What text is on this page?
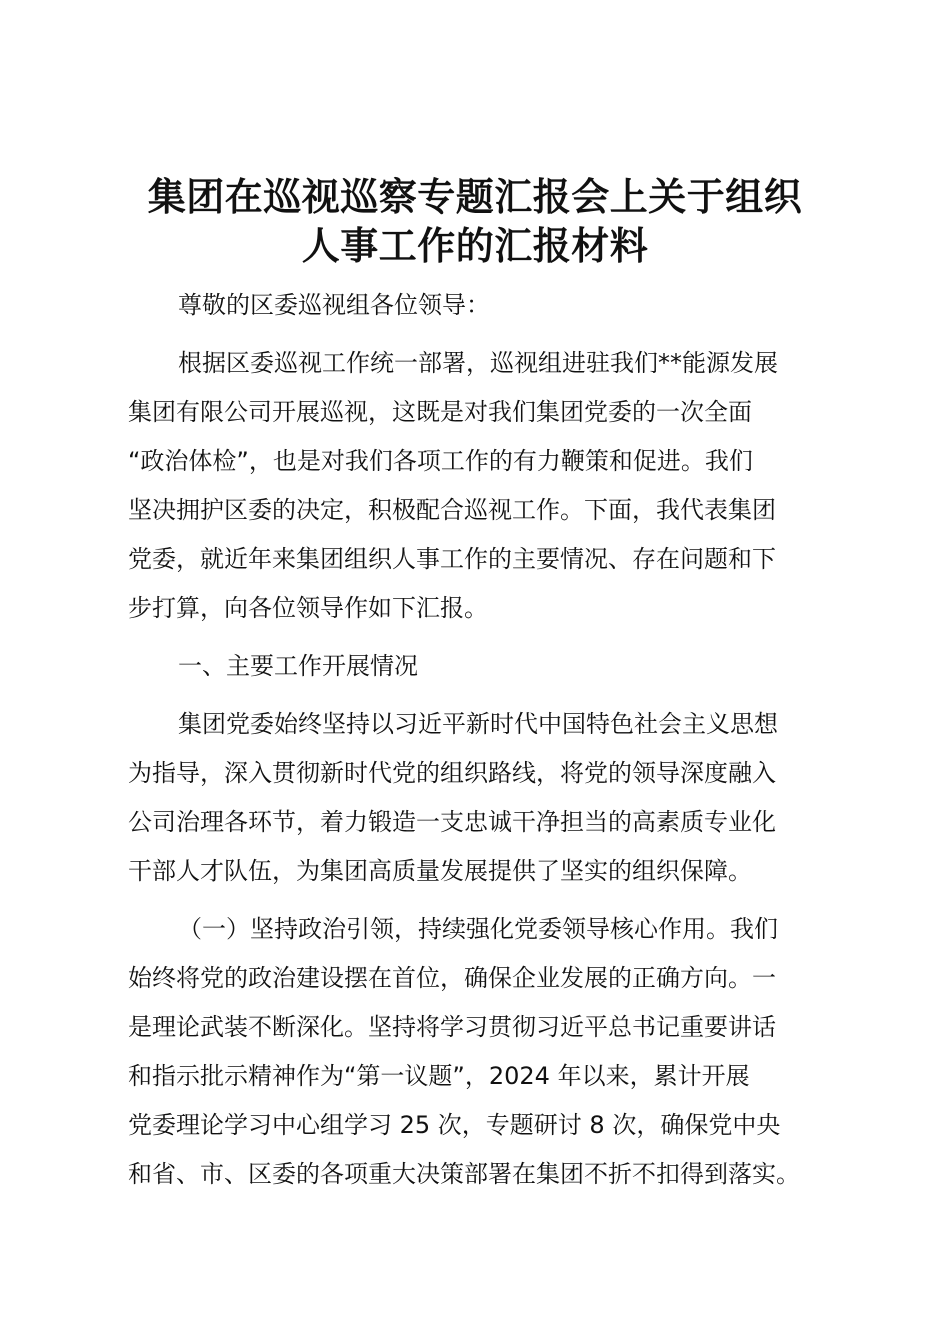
集团在巡视巡察专题汇报会上关于组织
人事工作的汇报材料
尊敬的区委巡视组各位领导：
根据区委巡视工作统一部署，巡视组进驻我们**能源发展
集团有限公司开展巡视，这既是对我们集团党委的一次全面
“政治体检”，也是对我们各项工作的有力鞭策和促进。我们
坚决拥护区委的决定，积极配合巡视工作。下面，我代表集团
党委，就近年来集团组织人事工作的主要情况、存在问题和下
步打算，向各位领导作如下汇报。
一、主要工作开展情况
集团党委始终坚持以习近平新时代中国特色社会主义思想
为指导，深入贯彻新时代党的组织路线，将党的领导深度融入
公司治理各环节，着力锻造一支忠诚干净担当的高素质专业化
干部人才队伍，为集团高质量发展提供了坚实的组织保障。
（一）坚持政治引领，持续强化党委领导核心作用。我们
始终将党的政治建设摆在首位，确保企业发展的正确方向。一
是理论武装不断深化。坚持将学习贯彻习近平总书记重要讲话
和指示批示精神作为“第一议题”，2024 年以来，累计开展
党委理论学习中心组学习 25 次，专题研讨 8 次，确保党中央
和省、市、区委的各项重大决策部署在集团不折不扣得到落实。
